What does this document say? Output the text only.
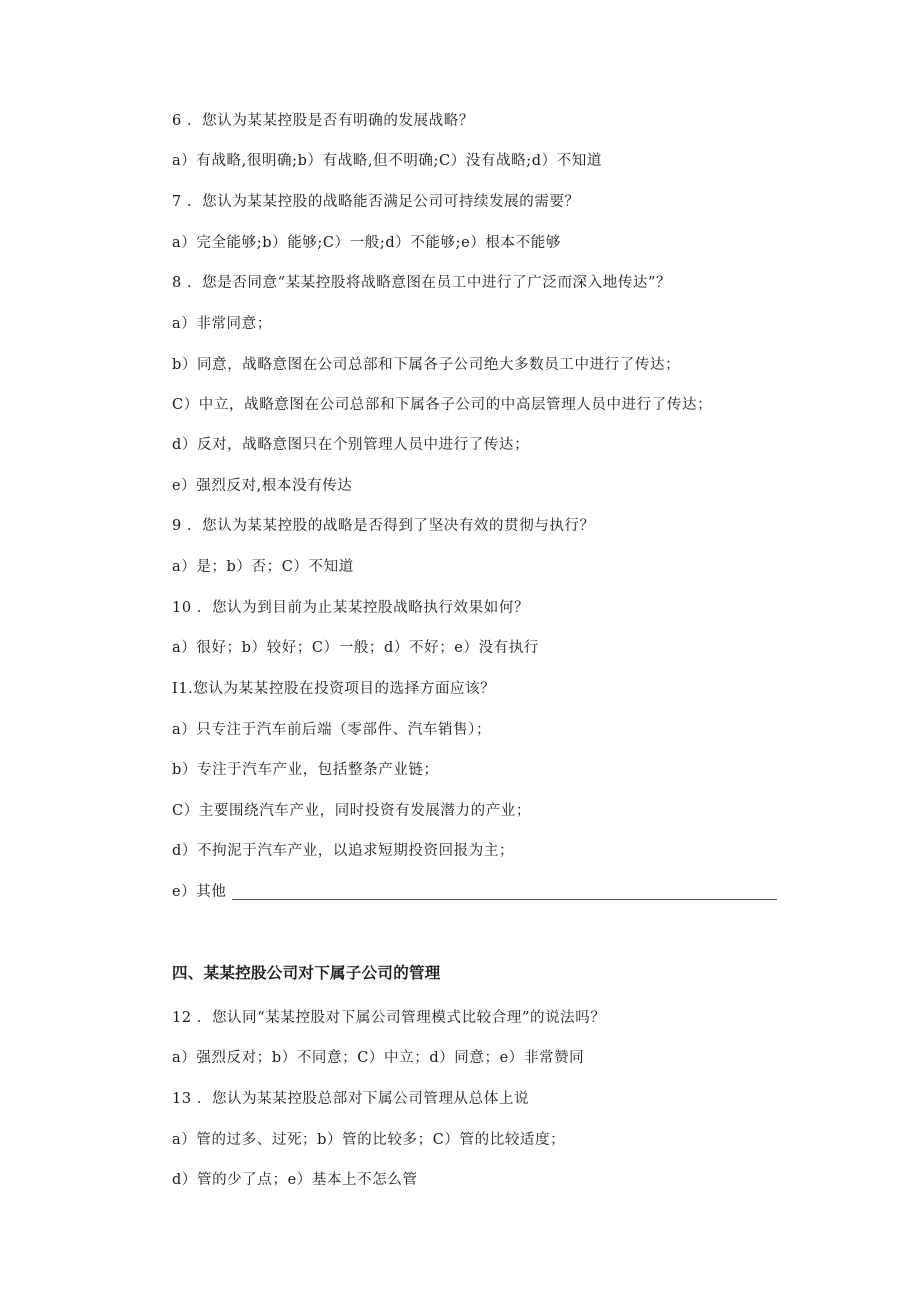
6 ．您认为某某控股是否有明确的发展战略？
a）有战略,很明确;b）有战略,但不明确;C）没有战略;d）不知道
7 ．您认为某某控股的战略能否满足公司可持续发展的需要？
a）完全能够;b）能够;C）一般;d）不能够;e）根本不能够
8 ．您是否同意“某某控股将战略意图在员工中进行了广泛而深入地传达”？
a）非常同意；
b）同意，战略意图在公司总部和下属各子公司绝大多数员工中进行了传达；
C）中立，战略意图在公司总部和下属各子公司的中高层管理人员中进行了传达；
d）反对，战略意图只在个别管理人员中进行了传达；
e）强烈反对,根本没有传达
9 ．您认为某某控股的战略是否得到了坚决有效的贯彻与执行？
a）是；b）否；C）不知道
10 ．您认为到目前为止某某控股战略执行效果如何？
a）很好；b）较好；C）一般；d）不好；e）没有执行
I1.您认为某某控股在投资项目的选择方面应该？
a）只专注于汽车前后端（零部件、汽车销售）；
b）专注于汽车产业，包括整条产业链；
C）主要围绕汽车产业，同时投资有发展潜力的产业；
d）不拘泥于汽车产业，以追求短期投资回报为主；
e）其他
四、某某控股公司对下属子公司的管理
12 ．您认同“某某控股对下属公司管理模式比较合理”的说法吗？
a）强烈反对；b）不同意；C）中立；d）同意；e）非常赞同
13 ．您认为某某控股总部对下属公司管理从总体上说
a）管的过多、过死；b）管的比较多；C）管的比较适度；
d）管的少了点；e）基本上不怎么管
